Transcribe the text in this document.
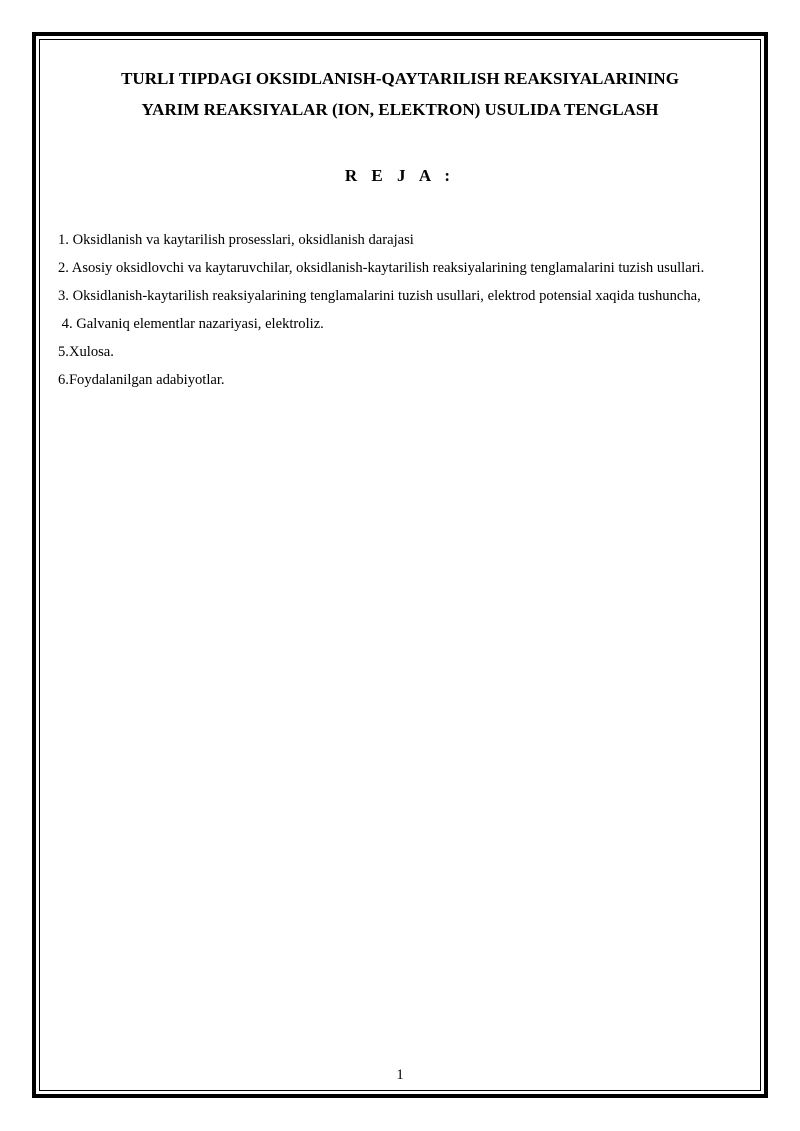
TURLI TIPDAGI OKSIDLANISH-QAYTARILISH REAKSIYALARINING
YARIM REAKSIYALAR (ION, ELEKTRON) USULIDA TENGLASH
R E J A :

1. Oksidlanish va kaytarilish prosesslari, oksidlanish darajasi

2. Asosiy oksidlovchi va kaytaruvchilar, oksidlanish-kaytarilish reaksiyalarining tenglamalarini tuzish usullari.

3. Oksidlanish-kaytarilish reaksiyalarining tenglamalarini tuzish usullari, elektrod potensial xaqida tushuncha,

4. Galvaniq elementlar nazariyasi, elektroliz.

5.Xulosa.

6.Foydalanilgan adabiyotlar.

1
